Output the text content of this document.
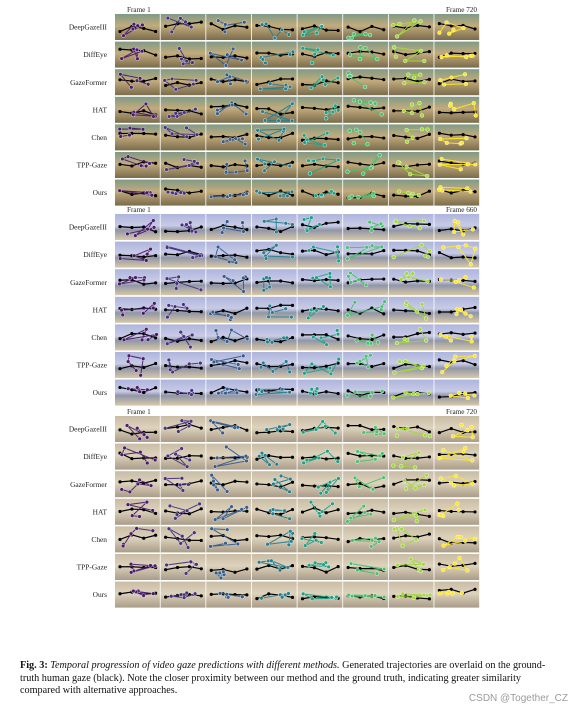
Frame 1	Frame 720
DeepGazeIII
DiffEye
GazeFormer
HAT
Chen
TPP-Gaze
Ours
Frame 1	Frame 660
DeepGazeIII
DiffEye
GazeFormer
HAT
Chen
TPP-Gaze
Ours
Frame 1	Frame 720
DeepGazeIII
DiffEye
GazeFormer
HAT
Chen
TPP-Gaze
Ours
Fig. 3: Temporal progression of video gaze predictions with different methods. Generated trajectories are overlaid on the ground-truth human gaze (black). Note the closer proximity between our method and the ground truth, indicating greater similarity compared with alternative approaches.
CSDN @Together_CZ
